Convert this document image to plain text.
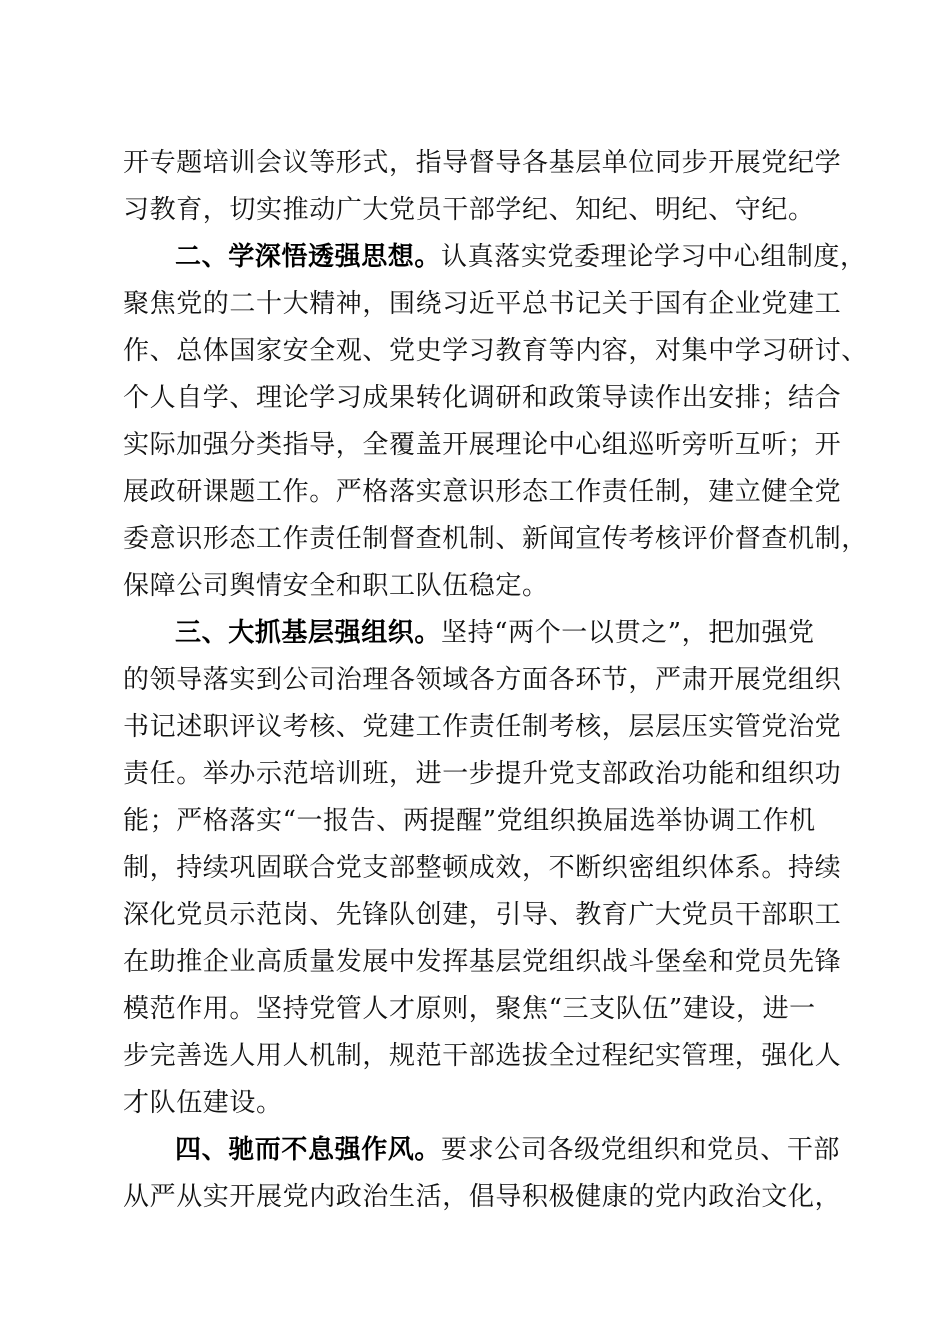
开专题培训会议等形式，指导督导各基层单位同步开展党纪学
习教育，切实推动广大党员干部学纪、知纪、明纪、守纪。
二、学深悟透强思想。认真落实党委理论学习中心组制度，
聚焦党的二十大精神，围绕习近平总书记关于国有企业党建工
作、总体国家安全观、党史学习教育等内容，对集中学习研讨、
个人自学、理论学习成果转化调研和政策导读作出安排；结合
实际加强分类指导，全覆盖开展理论中心组巡听旁听互听；开
展政研课题工作。严格落实意识形态工作责任制，建立健全党
委意识形态工作责任制督查机制、新闻宣传考核评价督查机制，
保障公司舆情安全和职工队伍稳定。
三、大抓基层强组织。坚持“两个一以贯之”，把加强党
的领导落实到公司治理各领域各方面各环节，严肃开展党组织
书记述职评议考核、党建工作责任制考核，层层压实管党治党
责任。举办示范培训班，进一步提升党支部政治功能和组织功
能；严格落实“一报告、两提醒”党组织换届选举协调工作机
制，持续巩固联合党支部整顿成效，不断织密组织体系。持续
深化党员示范岗、先锋队创建，引导、教育广大党员干部职工
在助推企业高质量发展中发挥基层党组织战斗堡垒和党员先锋
模范作用。坚持党管人才原则，聚焦“三支队伍”建设，进一
步完善选人用人机制，规范干部选拔全过程纪实管理，强化人
才队伍建设。
四、驰而不息强作风。要求公司各级党组织和党员、干部
从严从实开展党内政治生活，倡导积极健康的党内政治文化，
